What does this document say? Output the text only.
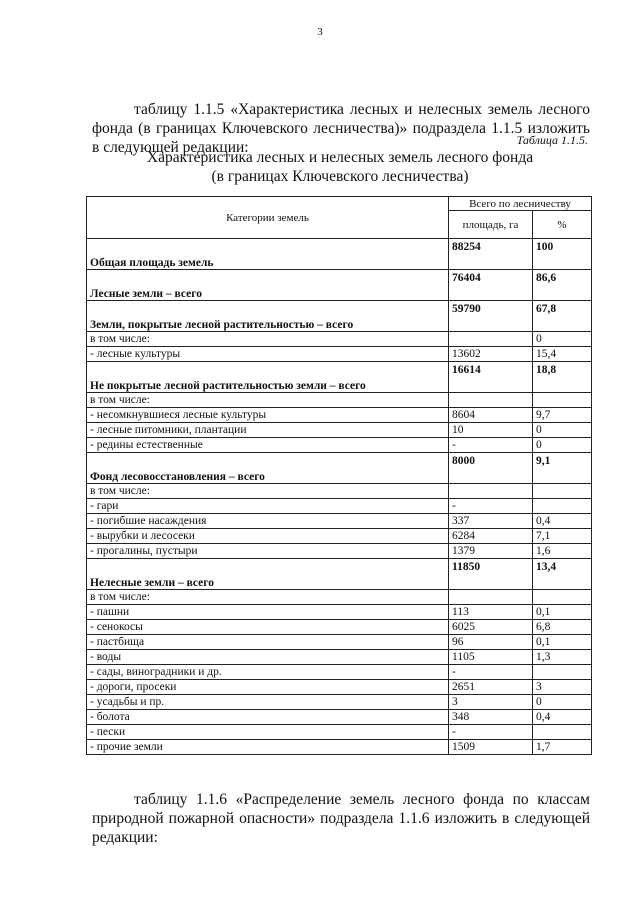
3

таблицу 1.1.5 «Характеристика лесных и нелесных земель лесного фонда (в границах Ключевского лесничества)» подраздела 1.1.5 изложить в следующей редакции:	Таблица 1.1.5.
Характеристика лесных и нелесных земель лесного фонда
(в границах Ключевского лесничества)
Категории земель	Всего по лесничеству	
	площадь, га	%
Общая площадь земель	88254	100
Лесные земли – всего	76404	86,6
Земли, покрытые лесной растительностью – всего	59790	67,8
в том числе:		0
- лесные культуры	13602	15,4
Не покрытые лесной растительностью земли – всего	16614	18,8
в том числе:		
- несомкнувшиеся лесные культуры	8604	9,7
- лесные питомники, плантации	10	0
- редины естественные	-	0
Фонд лесовосстановления – всего	8000	9,1
в том числе:		
- гари	-	
- погибшие насаждения	337	0,4
- вырубки и лесосеки	6284	7,1
- прогалины, пустыри	1379	1,6
Нелесные земли – всего	11850	13,4
в том числе:		
- пашни	113	0,1
- сенокосы	6025	6,8
- пастбища	96	0,1
- воды	1105	1,3
- сады, виноградники и др.	-	
- дороги, просеки	2651	3
- усадьбы и пр.	3	0
- болота	348	0,4
- пески	-	
- прочие земли	1509	1,7

таблицу 1.1.6 «Распределение земель лесного фонда по классам природной пожарной опасности» подраздела 1.1.6 изложить в следующей редакции:
